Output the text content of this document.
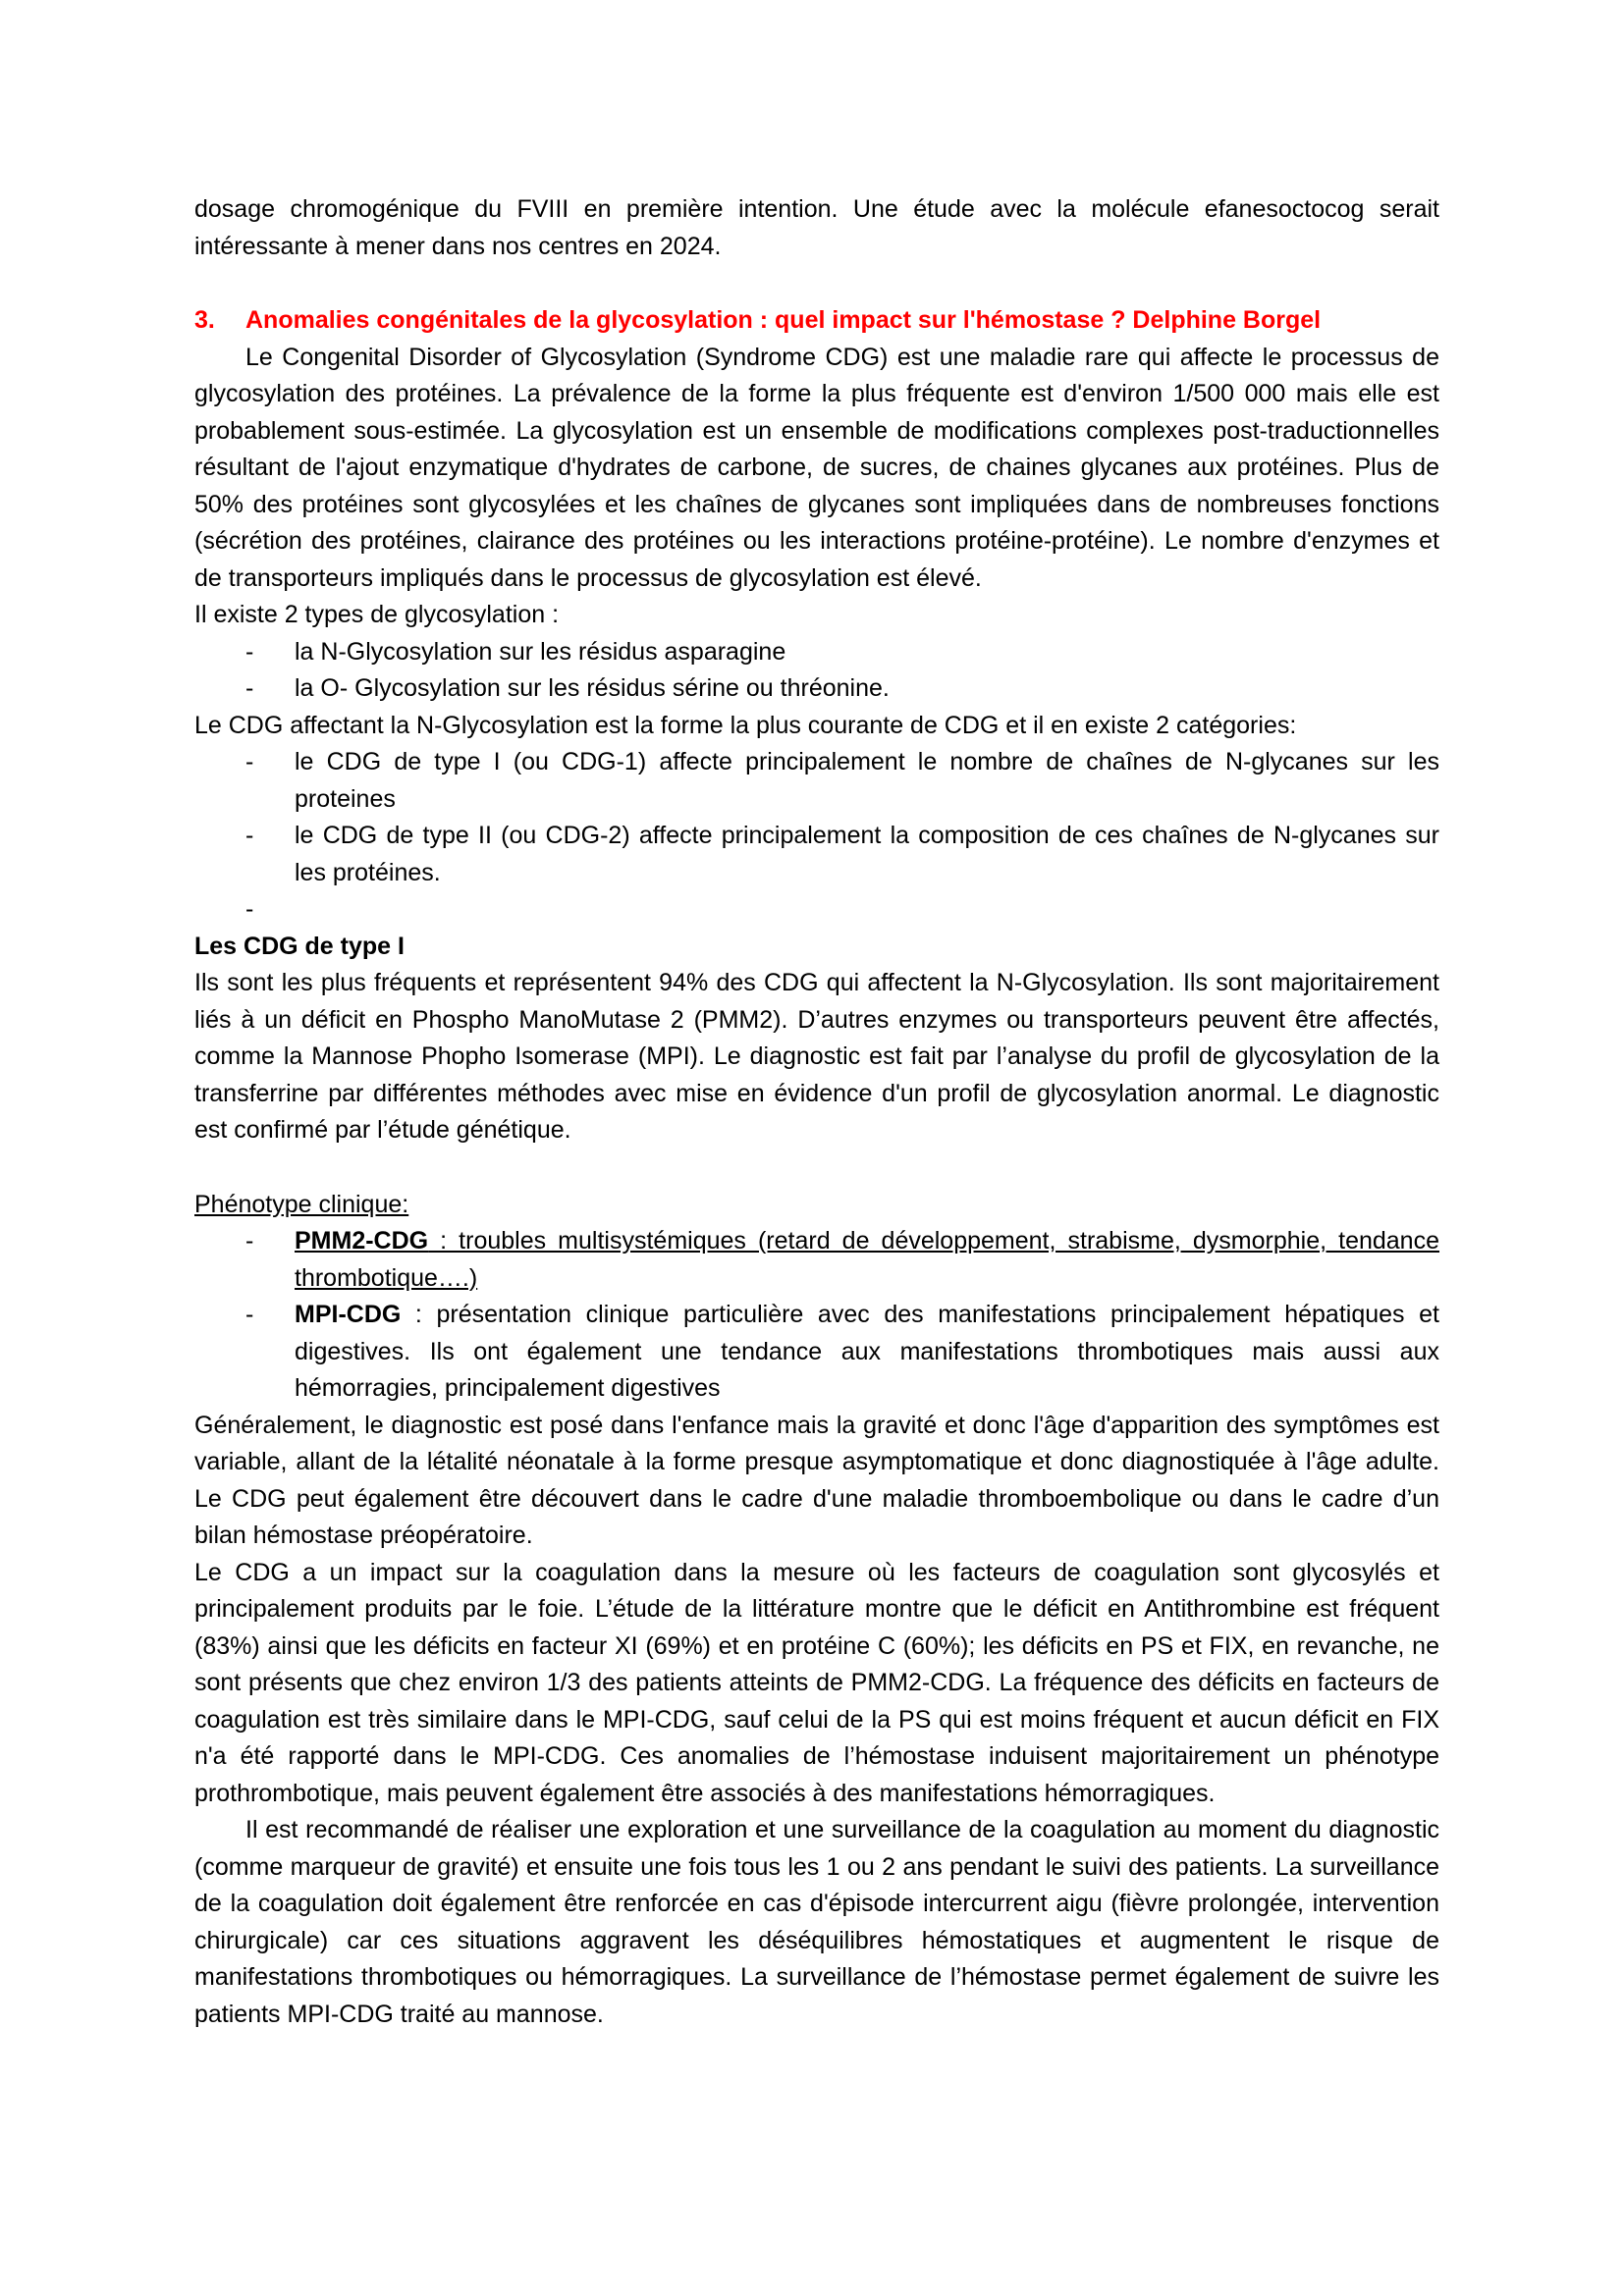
dosage chromogénique du FVIII en première intention. Une étude avec la molécule efanesoctocog serait intéressante à mener dans nos centres en 2024.

3.	Anomalies congénitales de la glycosylation : quel impact sur l'hémostase ? Delphine Borgel

Le Congenital Disorder of Glycosylation (Syndrome CDG) est une maladie rare qui affecte le processus de glycosylation des protéines. La prévalence de la forme la plus fréquente est d'environ 1/500 000 mais elle est probablement sous-estimée. La glycosylation est un ensemble de modifications complexes post-traductionnelles résultant de l'ajout enzymatique d'hydrates de carbone, de sucres, de chaines glycanes aux protéines. Plus de 50% des protéines sont glycosylées et les chaînes de glycanes sont impliquées dans de nombreuses fonctions (sécrétion des protéines, clairance des protéines ou les interactions protéine-protéine). Le nombre d'enzymes et de transporteurs impliqués dans le processus de glycosylation est élevé.

Il existe 2 types de glycosylation :

- la N-Glycosylation sur les résidus asparagine
- la O- Glycosylation sur les résidus sérine ou thréonine.

Le CDG affectant la N-Glycosylation est la forme la plus courante de CDG et il en existe 2 catégories:

- le CDG de type I (ou CDG-1) affecte principalement le nombre de chaînes de N-glycanes sur les proteines
- le CDG de type II (ou CDG-2) affecte principalement la composition de ces chaînes de N-glycanes sur les protéines.
-

Les CDG de type I

Ils sont les plus fréquents et représentent 94% des CDG qui affectent la N-Glycosylation. Ils sont majoritairement liés à un déficit en Phospho ManoMutase 2 (PMM2). D’autres enzymes ou transporteurs peuvent être affectés, comme la Mannose Phopho Isomerase (MPI). Le diagnostic est fait par l’analyse du profil de glycosylation de la transferrine par différentes méthodes avec mise en évidence d'un profil de glycosylation anormal. Le diagnostic est confirmé par l’étude génétique.

Phénotype clinique:

- PMM2-CDG : troubles multisystémiques (retard de développement, strabisme, dysmorphie, tendance thrombotique….)
- MPI-CDG : présentation clinique particulière avec des manifestations principalement hépatiques et digestives. Ils ont également une tendance aux manifestations thrombotiques mais aussi aux hémorragies, principalement digestives

Généralement, le diagnostic est posé dans l'enfance mais la gravité et donc l'âge d'apparition des symptômes est variable, allant de la létalité néonatale à la forme presque asymptomatique et donc diagnostiquée à l'âge adulte. Le CDG peut également être découvert dans le cadre d'une maladie thromboembolique ou dans le cadre d’un bilan hémostase préopératoire.

Le CDG a un impact sur la coagulation dans la mesure où les facteurs de coagulation sont glycosylés et principalement produits par le foie. L’étude de la littérature montre que le déficit en Antithrombine est fréquent (83%) ainsi que les déficits en facteur XI (69%) et en protéine C (60%); les déficits en PS et FIX, en revanche, ne sont présents que chez environ 1/3 des patients atteints de PMM2-CDG. La fréquence des déficits en facteurs de coagulation est très similaire dans le MPI-CDG, sauf celui de la PS qui est moins fréquent et aucun déficit en FIX n'a été rapporté dans le MPI-CDG. Ces anomalies de l’hémostase induisent majoritairement un phénotype prothrombotique, mais peuvent également être associés à des manifestations hémorragiques.

Il est recommandé de réaliser une exploration et une surveillance de la coagulation au moment du diagnostic (comme marqueur de gravité) et ensuite une fois tous les 1 ou 2 ans pendant le suivi des patients. La surveillance de la coagulation doit également être renforcée en cas d'épisode intercurrent aigu (fièvre prolongée, intervention chirurgicale) car ces situations aggravent les déséquilibres hémostatiques et augmentent le risque de manifestations thrombotiques ou hémorragiques. La surveillance de l’hémostase permet également de suivre les patients MPI-CDG traité au mannose.
